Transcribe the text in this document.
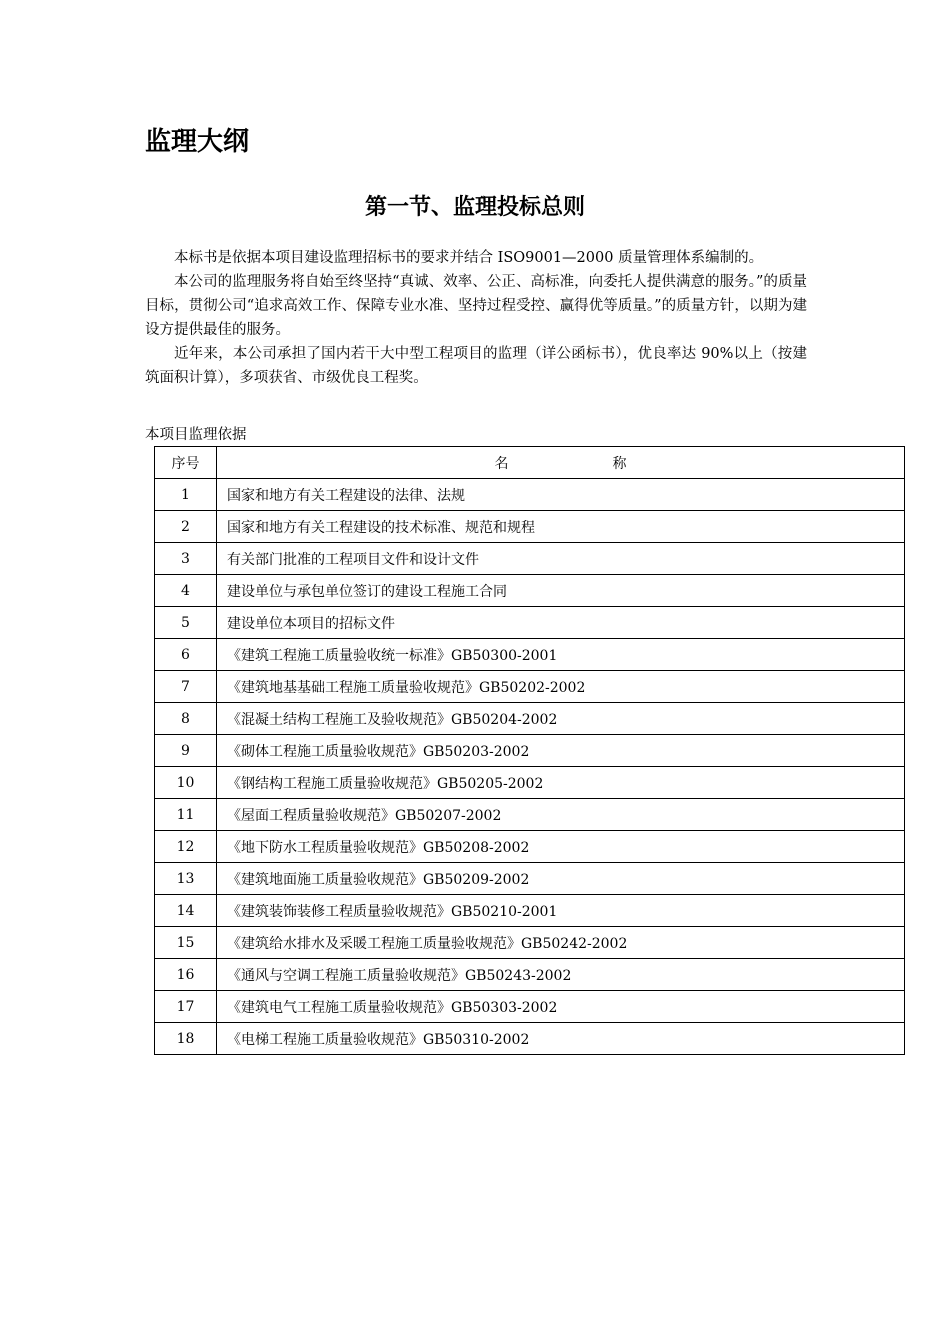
监理大纲
第一节、监理投标总则

本标书是依据本项目建设监理招标书的要求并结合 ISO9001—2000 质量管理体系编制的。

本公司的监理服务将自始至终坚持“真诚、效率、公正、高标准，向委托人提供满意的服务。”的质量目标，贯彻公司“追求高效工作、保障专业水准、坚持过程受控、赢得优等质量。”的质量方针，以期为建设方提供最佳的服务。

近年来，本公司承担了国内若干大中型工程项目的监理（详公函标书），优良率达 90%以上（按建筑面积计算），多项获省、市级优良工程奖。

本项目监理依据
序号	名 称
1	国家和地方有关工程建设的法律、法规
2	国家和地方有关工程建设的技术标准、规范和规程
3	有关部门批准的工程项目文件和设计文件
4	建设单位与承包单位签订的建设工程施工合同
5	建设单位本项目的招标文件
6	《建筑工程施工质量验收统一标准》GB50300-2001
7	《建筑地基基础工程施工质量验收规范》GB50202-2002
8	《混凝土结构工程施工及验收规范》GB50204-2002
9	《砌体工程施工质量验收规范》GB50203-2002
10	《钢结构工程施工质量验收规范》GB50205-2002
11	《屋面工程质量验收规范》GB50207-2002
12	《地下防水工程质量验收规范》GB50208-2002
13	《建筑地面施工质量验收规范》GB50209-2002
14	《建筑装饰装修工程质量验收规范》GB50210-2001
15	《建筑给水排水及采暖工程施工质量验收规范》GB50242-2002
16	《通风与空调工程施工质量验收规范》GB50243-2002
17	《建筑电气工程施工质量验收规范》GB50303-2002
18	《电梯工程施工质量验收规范》GB50310-2002
